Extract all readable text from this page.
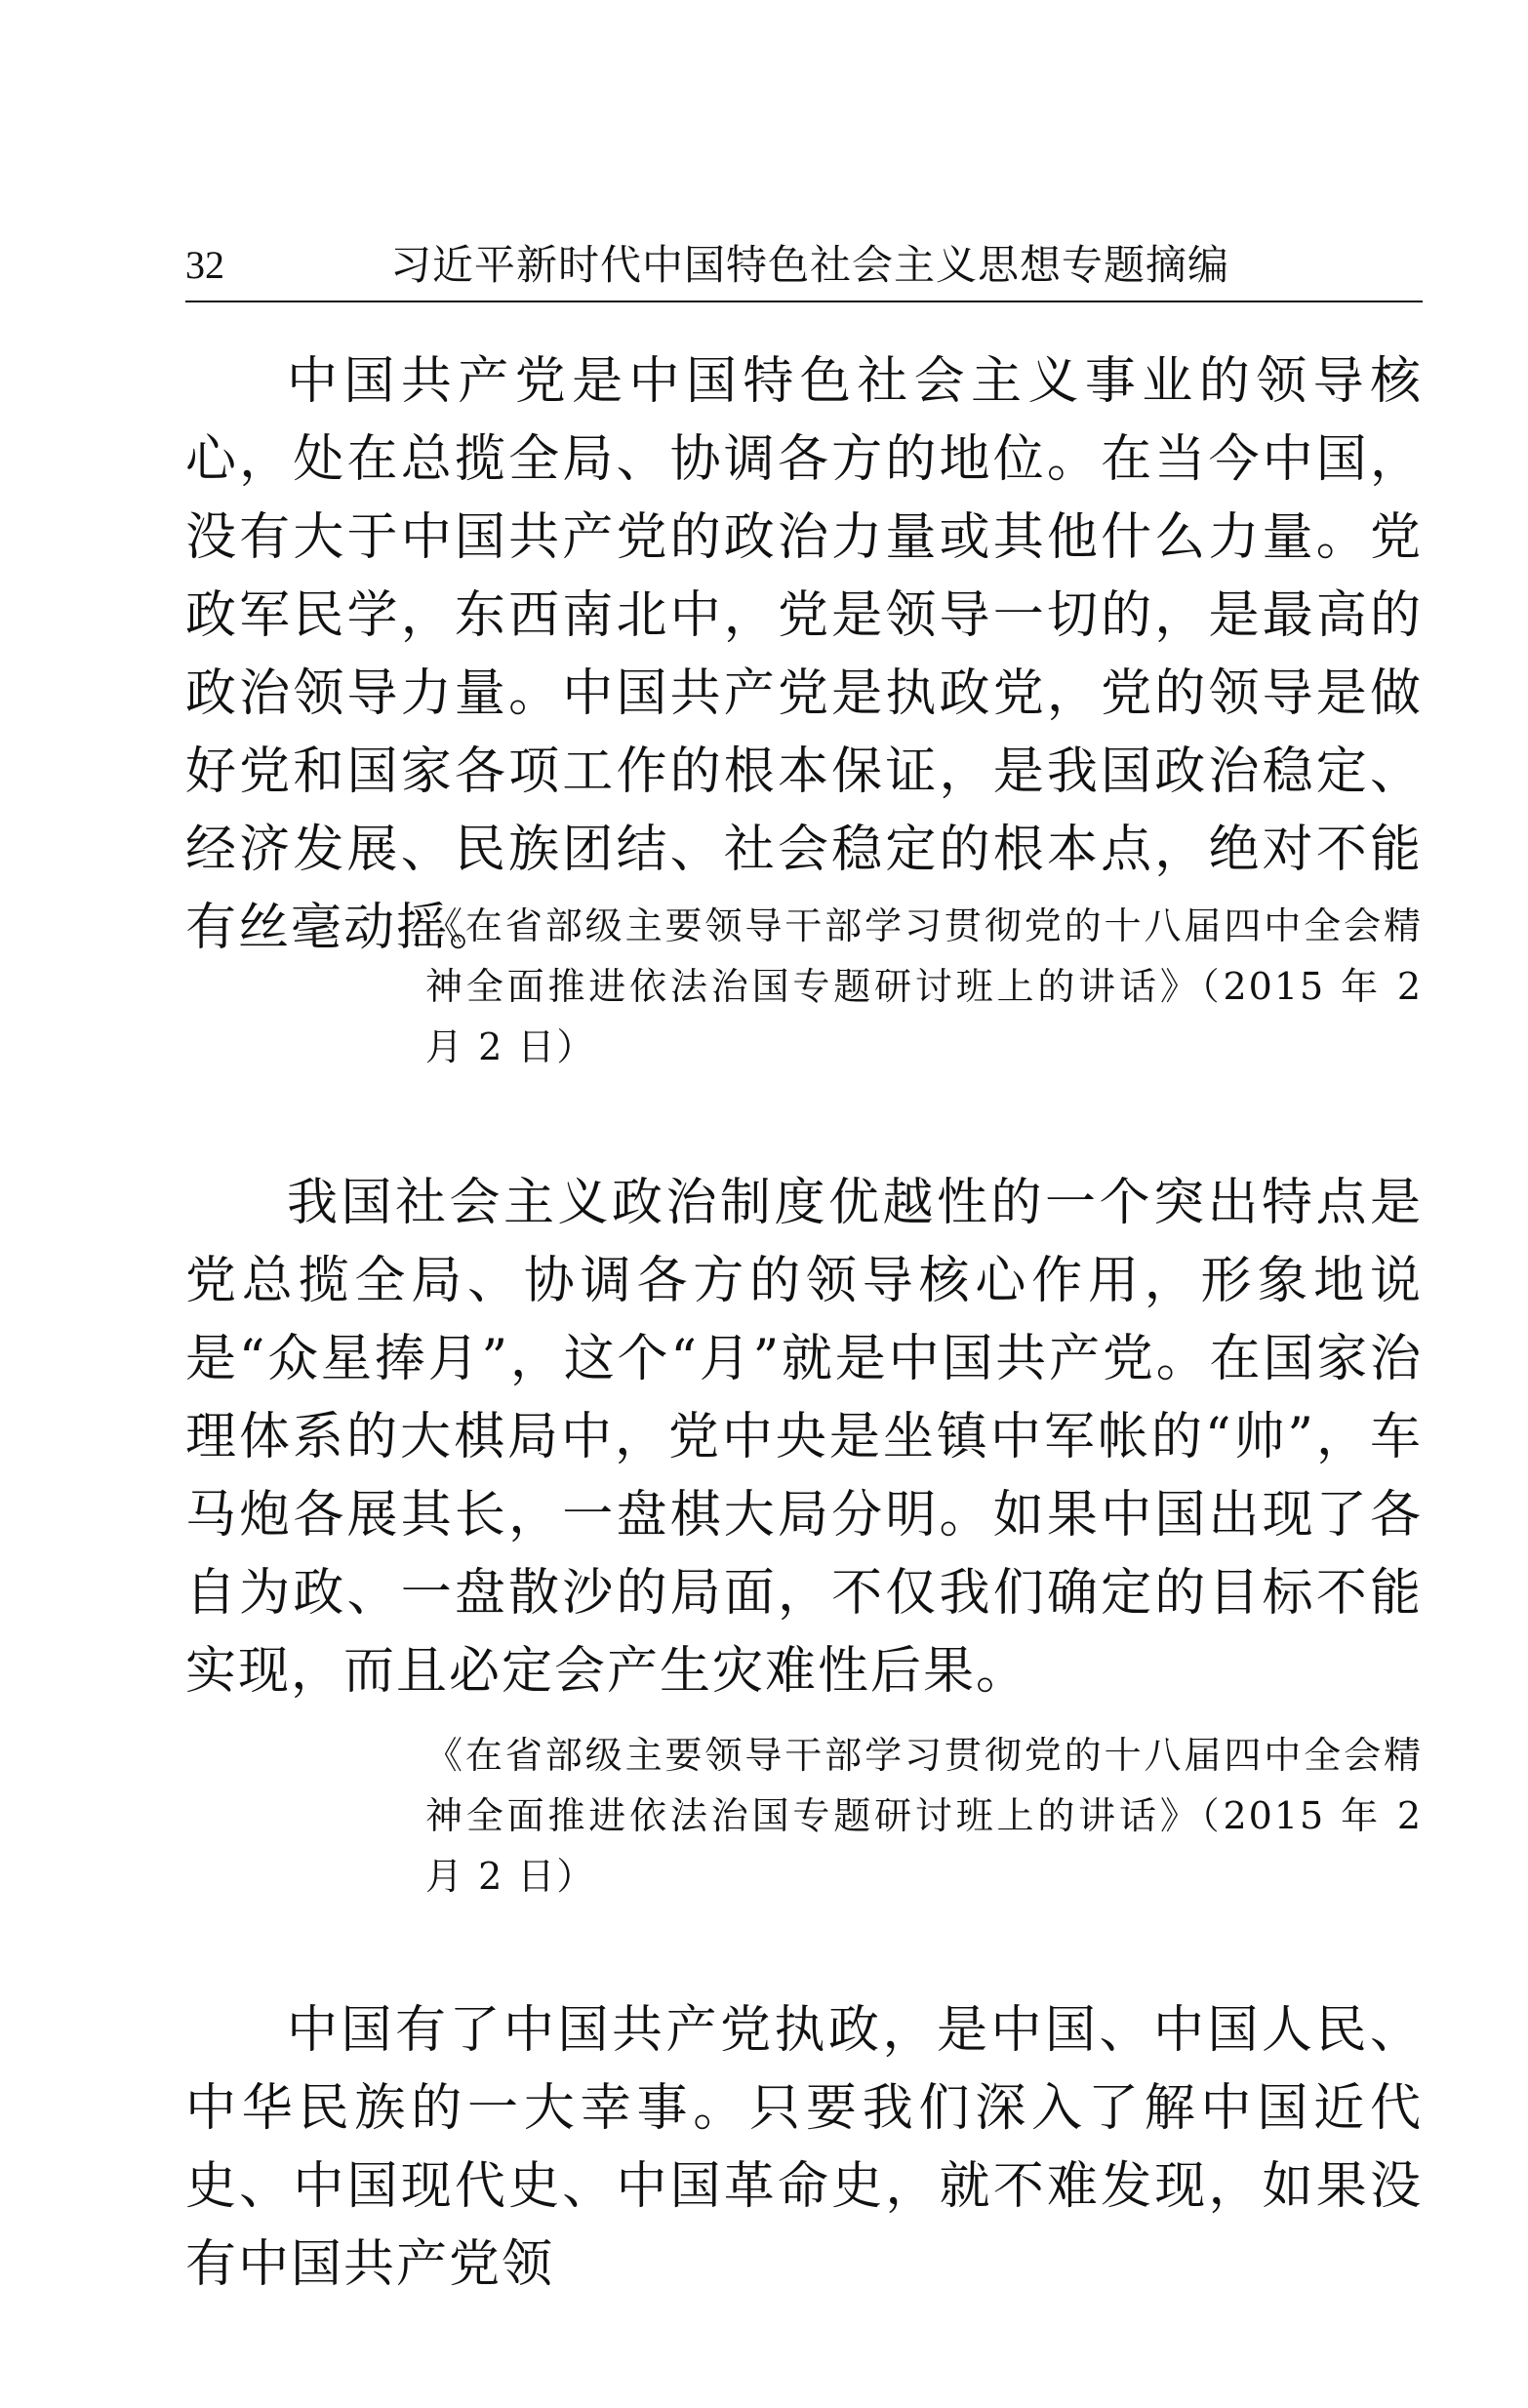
32	习近平新时代中国特色社会主义思想专题摘编

中国共产党是中国特色社会主义事业的领导核心，处在总揽全局、协调各方的地位。在当今中国，没有大于中国共产党的政治力量或其他什么力量。党政军民学，东西南北中，党是领导一切的，是最高的政治领导力量。中国共产党是执政党，党的领导是做好党和国家各项工作的根本保证，是我国政治稳定、经济发展、民族团结、社会稳定的根本点，绝对不能有丝毫动摇。

《在省部级主要领导干部学习贯彻党的十八届四中全会精神全面推进依法治国专题研讨班上的讲话》（2015 年 2 月 2 日）

我国社会主义政治制度优越性的一个突出特点是党总揽全局、协调各方的领导核心作用，形象地说是“众星捧月”，这个“月”就是中国共产党。在国家治理体系的大棋局中，党中央是坐镇中军帐的“帅”，车马炮各展其长，一盘棋大局分明。如果中国出现了各自为政、一盘散沙的局面，不仅我们确定的目标不能实现，而且必定会产生灾难性后果。

《在省部级主要领导干部学习贯彻党的十八届四中全会精神全面推进依法治国专题研讨班上的讲话》（2015 年 2 月 2 日）

中国有了中国共产党执政，是中国、中国人民、中华民族的一大幸事。只要我们深入了解中国近代史、中国现代史、中国革命史，就不难发现，如果没有中国共产党领
